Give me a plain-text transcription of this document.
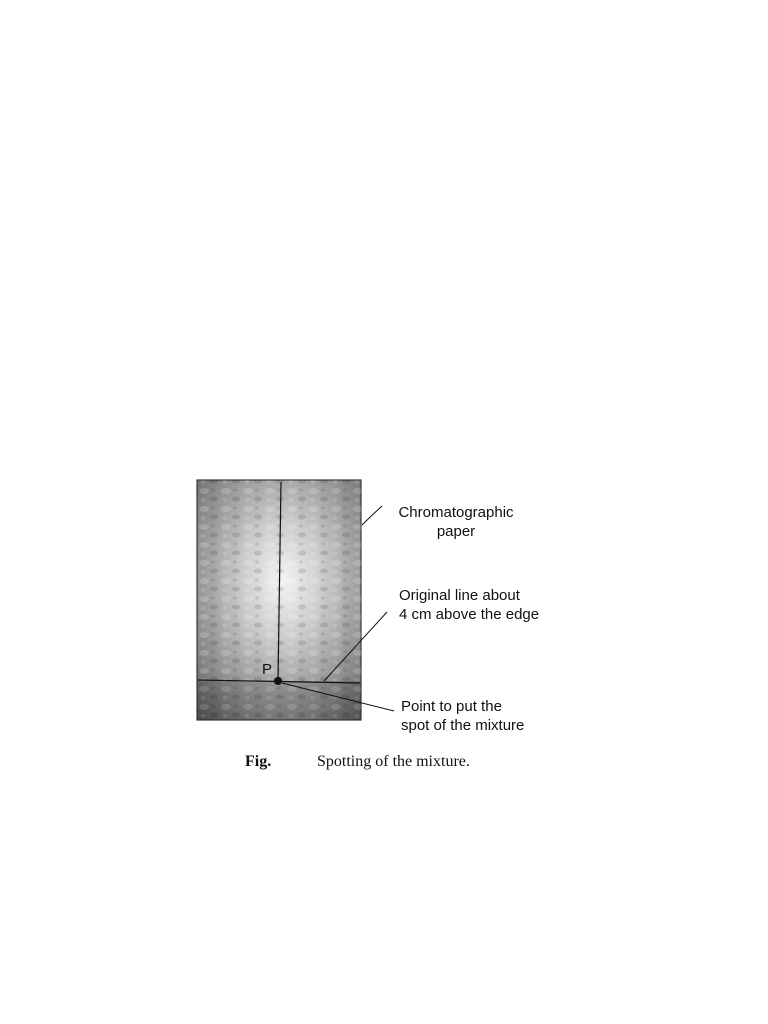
P
Chromatographic
paper
Original line about
4 cm above the edge
Point to put the
spot of the mixture
Fig.	Spotting of the mixture.
